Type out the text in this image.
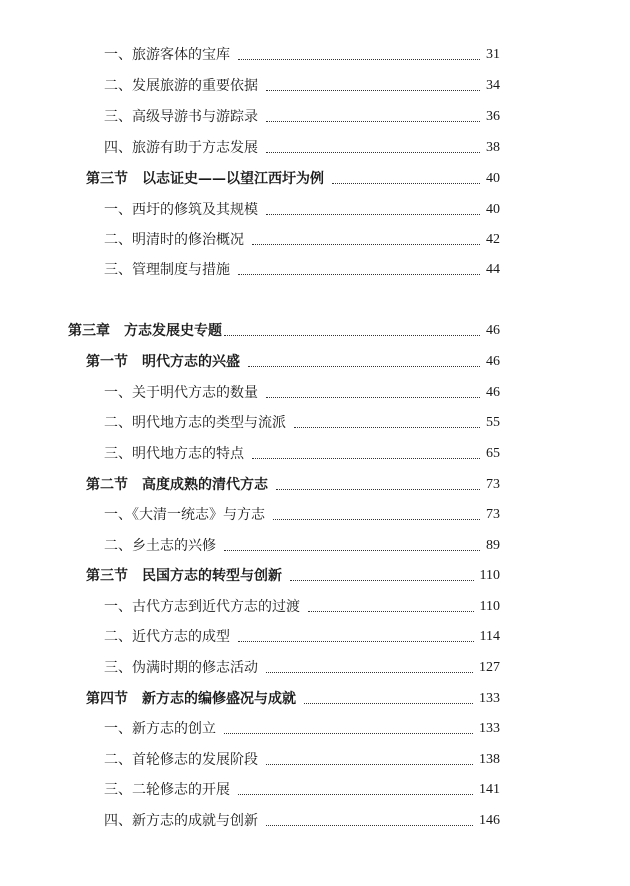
一、旅游客体的宝库	31
二、发展旅游的重要依据	34
三、高级导游书与游踪录	36
四、旅游有助于方志发展	38
第三节　以志证史——以望江西圩为例	40
一、西圩的修筑及其规模	40
二、明清时的修治概况	42
三、管理制度与措施	44
第三章　方志发展史专题	46
第一节　明代方志的兴盛	46
一、关于明代方志的数量	46
二、明代地方志的类型与流派	55
三、明代地方志的特点	65
第二节　高度成熟的清代方志	73
一、《大清一统志》与方志	73
二、乡土志的兴修	89
第三节　民国方志的转型与创新	110
一、古代方志到近代方志的过渡	110
二、近代方志的成型	114
三、伪满时期的修志活动	127
第四节　新方志的编修盛况与成就	133
一、新方志的创立	133
二、首轮修志的发展阶段	138
三、二轮修志的开展	141
四、新方志的成就与创新	146
